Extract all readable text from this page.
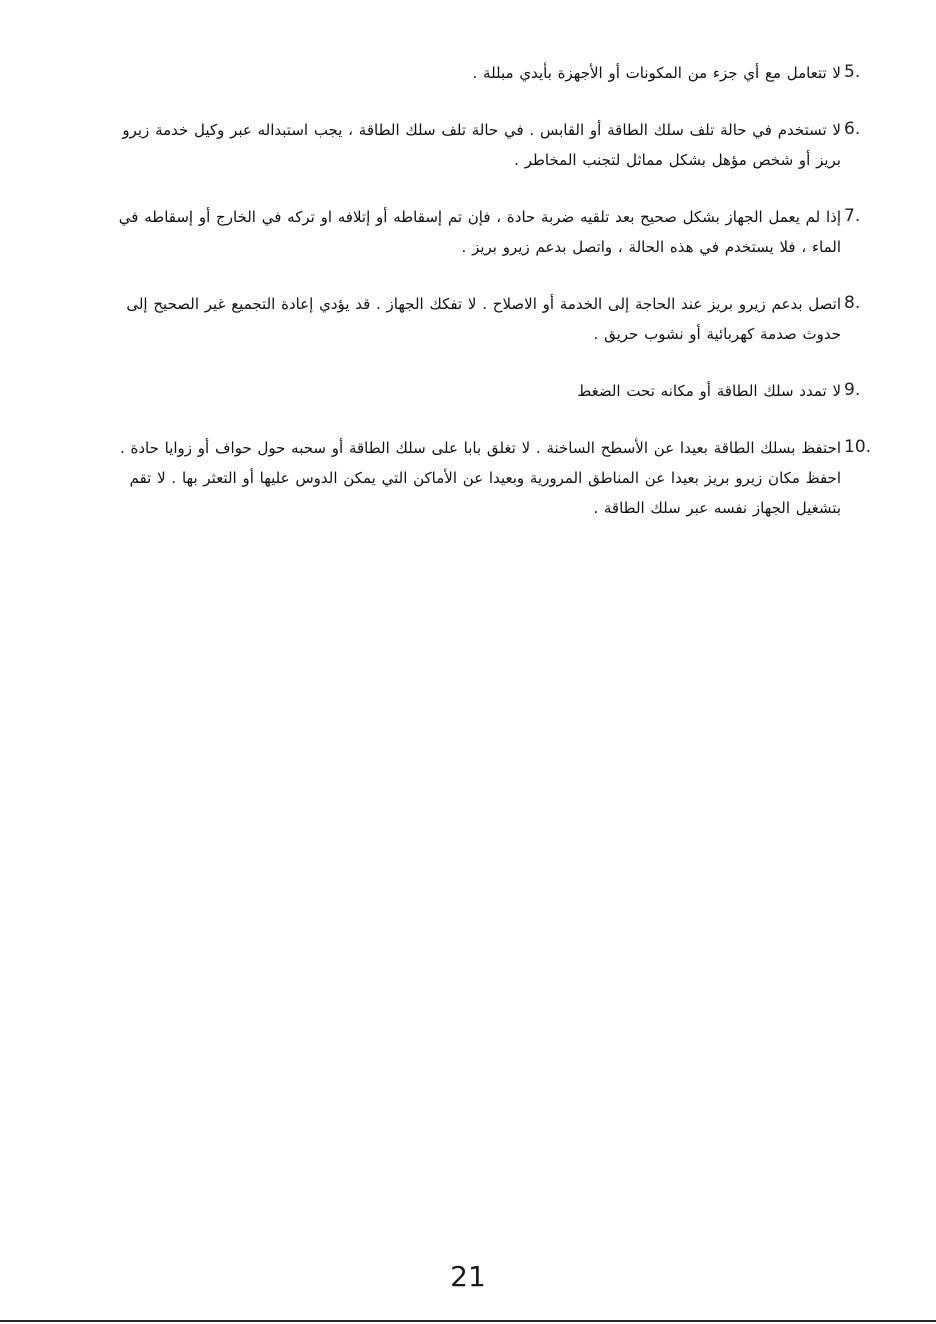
5.
لا تتعامل مع أي جزء من المكونات أو الأجهزة بأيدي مبللة .
6.
لا تستخدم في حالة تلف سلك الطاقة أو القابس . في حالة تلف سلك الطاقة ، يجب استبداله عبر وكيل خدمة زيرو بريز أو شخص مؤهل بشكل مماثل لتجنب المخاطر .
7.
إذا لم يعمل الجهاز بشكل صحيح بعد تلقيه ضربة حادة ، فإن تم إسقاطه أو إتلافه او تركه في الخارج أو إسقاطه في الماء ، فلا يستخدم في هذه الحالة ، واتصل بدعم زيرو بريز .
8.
اتصل بدعم زيرو بريز عند الحاجة إلى الخدمة أو الاصلاح . لا تفكك الجهاز . قد يؤدي إعادة التجميع غير الصحيح إلى حدوث صدمة كهربائية أو نشوب حريق .
9.
لا تمدد سلك الطاقة أو مكانه تحت الضغط
10.
احتفظ بسلك الطاقة بعيدا عن الأسطح الساخنة . لا تغلق بابا على سلك الطاقة أو سحبه حول حواف أو زوايا حادة . احفظ مكان زيرو بريز بعيدا عن المناطق المرورية وبعيدا عن الأماكن التي يمكن الدوس عليها أو التعثر بها . لا تقم بتشغيل الجهاز نفسه عبر سلك الطاقة .
21
